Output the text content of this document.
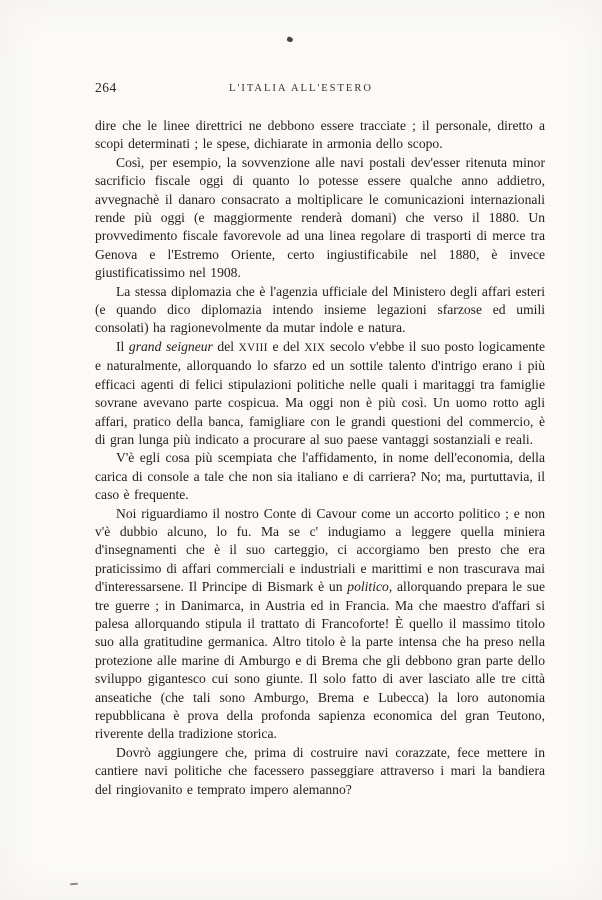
264	L'ITALIA ALL'ESTERO

dire che le linee direttrici ne debbono essere tracciate ; il personale, diretto a scopi determinati ; le spese, dichiarate in armonia dello scopo.

Così, per esempio, la sovvenzione alle navi postali dev'esser ritenuta minor sacrificio fiscale oggi di quanto lo potesse essere qualche anno addietro, avvegnachè il danaro consacrato a moltiplicare le comunicazioni internazionali rende più oggi (e maggiormente renderà domani) che verso il 1880. Un provvedimento fiscale favorevole ad una linea regolare di trasporti di merce tra Genova e l'Estremo Oriente, certo ingiustificabile nel 1880, è invece giustificatissimo nel 1908.

La stessa diplomazia che è l'agenzia ufficiale del Ministero degli affari esteri (e quando dico diplomazia intendo insieme legazioni sfarzose ed umili consolati) ha ragionevolmente da mutar indole e natura.

Il grand seigneur del XVIII e del XIX secolo v'ebbe il suo posto logicamente e naturalmente, allorquando lo sfarzo ed un sottile talento d'intrigo erano i più efficaci agenti di felici stipulazioni politiche nelle quali i maritaggi tra famiglie sovrane avevano parte cospicua. Ma oggi non è più così. Un uomo rotto agli affari, pratico della banca, famigliare con le grandi questioni del commercio, è di gran lunga più indicato a procurare al suo paese vantaggi sostanziali e reali.

V'è egli cosa più scempiata che l'affidamento, in nome dell'economia, della carica di console a tale che non sia italiano e di carriera? No; ma, purtuttavia, il caso è frequente.

Noi riguardiamo il nostro Conte di Cavour come un accorto politico ; e non v'è dubbio alcuno, lo fu. Ma se c' indugiamo a leggere quella miniera d'insegnamenti che è il suo carteggio, ci accorgiamo ben presto che era praticissimo di affari commerciali e industriali e marittimi e non trascurava mai d'interessarsene. Il Principe di Bismark è un politico, allorquando prepara le sue tre guerre ; in Danimarca, in Austria ed in Francia. Ma che maestro d'affari si palesa allorquando stipula il trattato di Francoforte! È quello il massimo titolo suo alla gratitudine germanica. Altro titolo è la parte intensa che ha preso nella protezione alle marine di Amburgo e di Brema che gli debbono gran parte dello sviluppo gigantesco cui sono giunte. Il solo fatto di aver lasciato alle tre città anseatiche (che tali sono Amburgo, Brema e Lubecca) la loro autonomia repubblicana è prova della profonda sapienza economica del gran Teutono, riverente della tradizione storica.

Dovrò aggiungere che, prima di costruire navi corazzate, fece mettere in cantiere navi politiche che facessero passeggiare attraverso i mari la bandiera del ringiovanito e temprato impero alemanno?
